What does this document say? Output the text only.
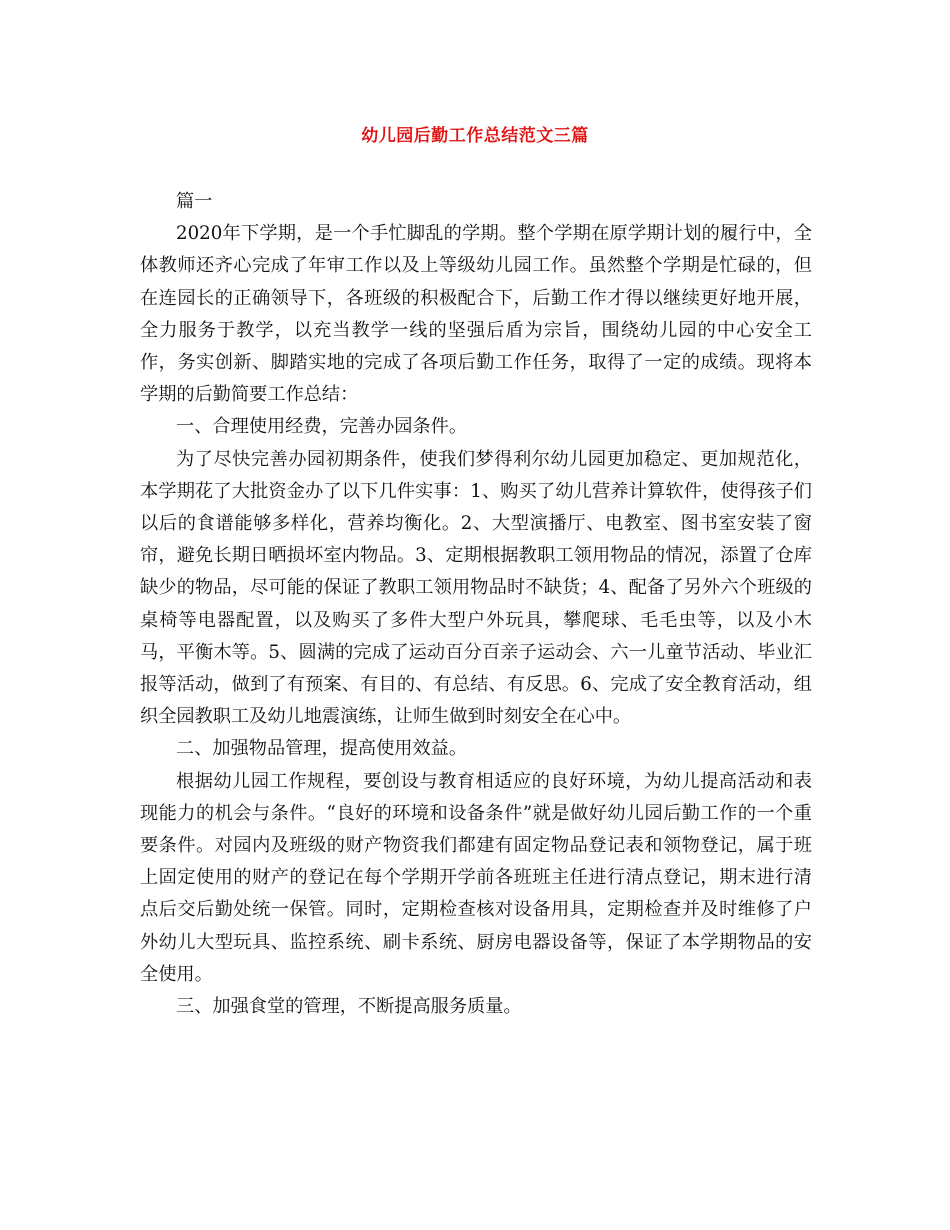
幼儿园后勤工作总结范文三篇

篇一

2020年下学期，是一个手忙脚乱的学期。整个学期在原学期计划的履行中，全体教师还齐心完成了年审工作以及上等级幼儿园工作。虽然整个学期是忙碌的，但在连园长的正确领导下，各班级的积极配合下，后勤工作才得以继续更好地开展，全力服务于教学，以充当教学一线的坚强后盾为宗旨，围绕幼儿园的中心安全工作，务实创新、脚踏实地的完成了各项后勤工作任务，取得了一定的成绩。现将本学期的后勤简要工作总结：

一、合理使用经费，完善办园条件。

为了尽快完善办园初期条件，使我们梦得利尔幼儿园更加稳定、更加规范化，本学期花了大批资金办了以下几件实事：1、购买了幼儿营养计算软件，使得孩子们以后的食谱能够多样化，营养均衡化。2、大型演播厅、电教室、图书室安装了窗帘，避免长期日晒损坏室内物品。3、定期根据教职工领用物品的情况，添置了仓库缺少的物品，尽可能的保证了教职工领用物品时不缺货；4、配备了另外六个班级的桌椅等电器配置，以及购买了多件大型户外玩具，攀爬球、毛毛虫等，以及小木马，平衡木等。5、圆满的完成了运动百分百亲子运动会、六一儿童节活动、毕业汇报等活动，做到了有预案、有目的、有总结、有反思。6、完成了安全教育活动，组织全园教职工及幼儿地震演练，让师生做到时刻安全在心中。

二、加强物品管理，提高使用效益。

根据幼儿园工作规程，要创设与教育相适应的良好环境，为幼儿提高活动和表现能力的机会与条件。“良好的环境和设备条件”就是做好幼儿园后勤工作的一个重要条件。对园内及班级的财产物资我们都建有固定物品登记表和领物登记，属于班上固定使用的财产的登记在每个学期开学前各班班主任进行清点登记，期末进行清点后交后勤处统一保管。同时，定期检查核对设备用具，定期检查并及时维修了户外幼儿大型玩具、监控系统、刷卡系统、厨房电器设备等，保证了本学期物品的安全使用。

三、加强食堂的管理，不断提高服务质量。
